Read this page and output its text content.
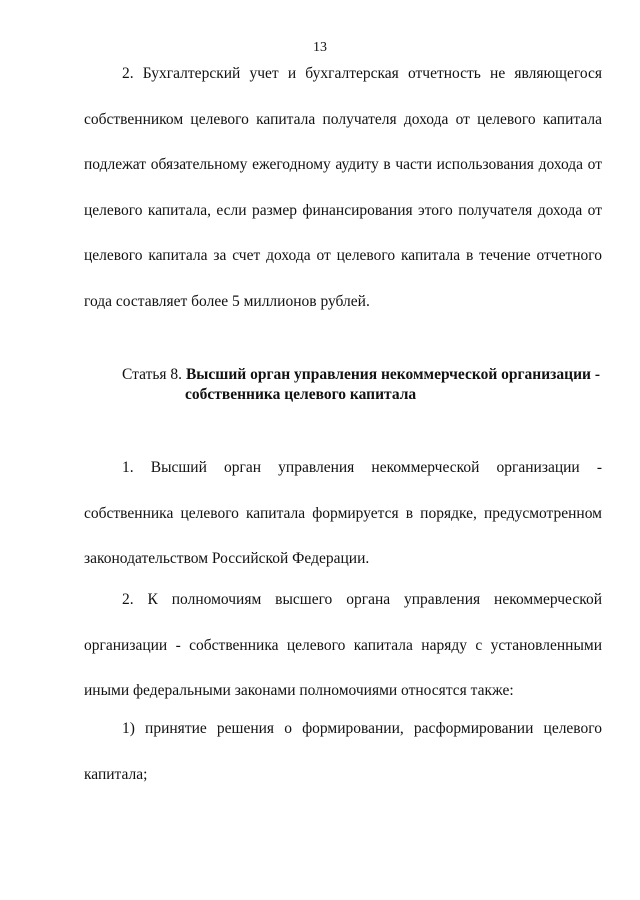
13

2. Бухгалтерский учет и бухгалтерская отчетность не являющегося собственником целевого капитала получателя дохода от целевого капитала подлежат обязательному ежегодному аудиту в части использования дохода от целевого капитала, если размер финансирования этого получателя дохода от целевого капитала за счет дохода от целевого капитала в течение отчетного года составляет более 5 миллионов рублей.

Статья 8. Высший орган управления некоммерческой организации -
собственника целевого капитала

1. Высший орган управления некоммерческой организации - собственника целевого капитала формируется в порядке, предусмотренном законодательством Российской Федерации.

2. К полномочиям высшего органа управления некоммерческой организации - собственника целевого капитала наряду с установленными иными федеральными законами полномочиями относятся также:

1) принятие решения о формировании, расформировании целевого капитала;
